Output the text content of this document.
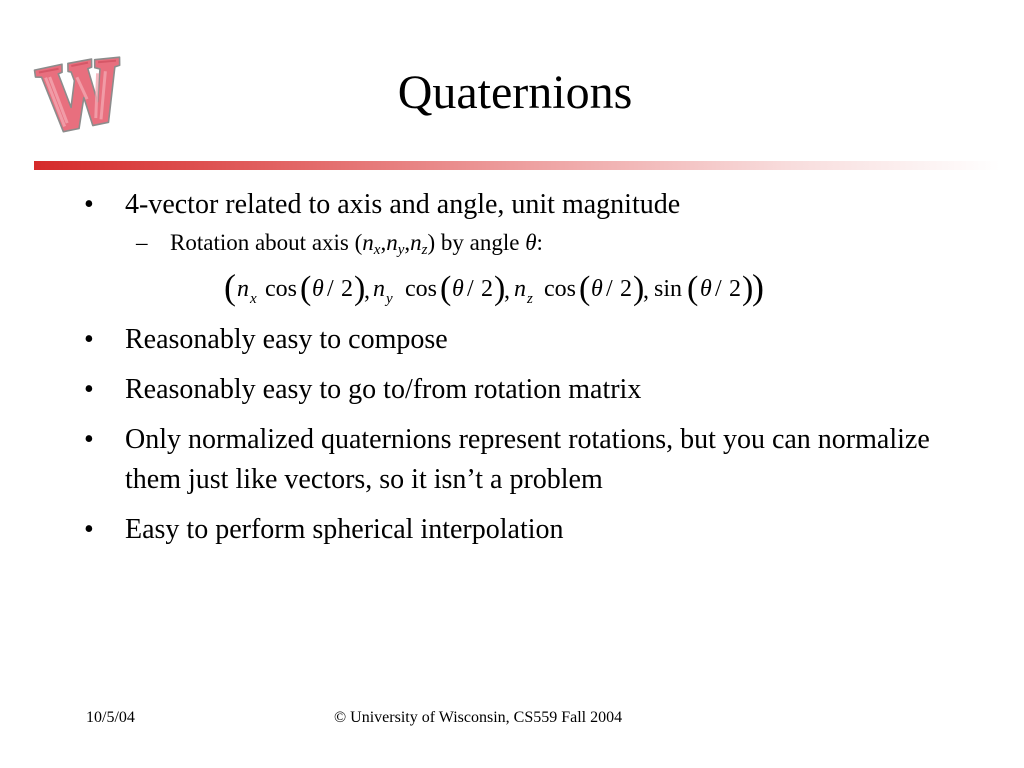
Quaternions
•	4-vector related to axis and angle, unit magnitude
– Rotation about axis $(n_x,n_y,n_z)$ by angle θ:
( n x cos ( θ / 2 )
, n y cos ( θ / 2 )
, n z cos ( θ / 2 )
, sin ( θ / 2 )
)
•	Reasonably easy to compose
•	Reasonably easy to go to/from rotation matrix
•	Only normalized quaternions represent rotations, but you can normalize them just like vectors, so it isn’t a problem
•	Easy to perform spherical interpolation
10/5/04	© University of Wisconsin, CS559 Fall 2004
